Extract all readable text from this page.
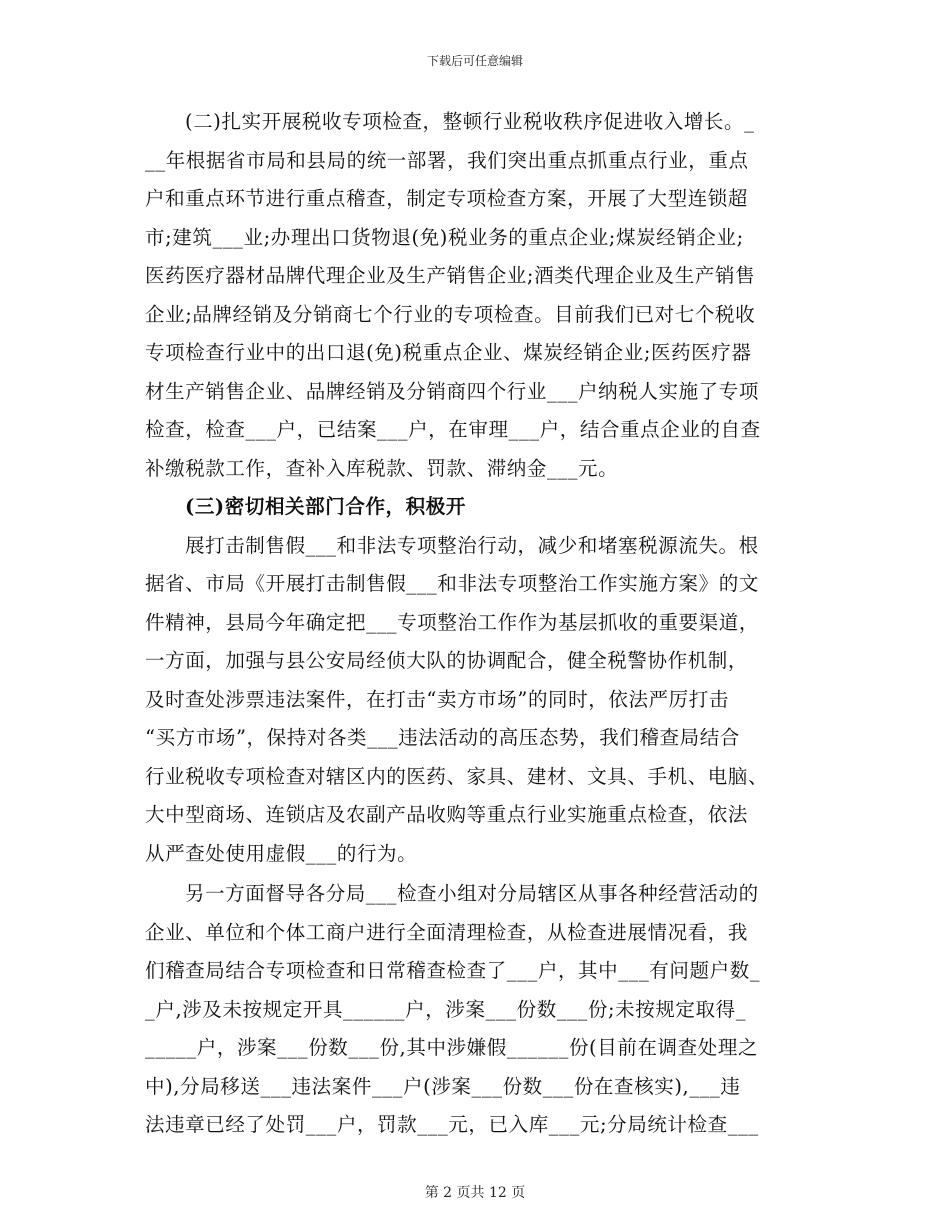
下载后可任意编辑
(二)扎实开展税收专项检查，整顿行业税收秩序促进收入增长。_
__年根据省市局和县局的统一部署，我们突出重点抓重点行业，重点
户和重点环节进行重点稽查，制定专项检查方案，开展了大型连锁超
市;建筑___业;办理出口货物退(免)税业务的重点企业;煤炭经销企业;
医药医疗器材品牌代理企业及生产销售企业;酒类代理企业及生产销售
企业;品牌经销及分销商七个行业的专项检查。目前我们已对七个税收
专项检查行业中的出口退(免)税重点企业、煤炭经销企业;医药医疗器
材生产销售企业、品牌经销及分销商四个行业___户纳税人实施了专项
检查，检查___户，已结案___户，在审理___户，结合重点企业的自查
补缴税款工作，查补入库税款、罚款、滞纳金___元。
(三)密切相关部门合作，积极开
展打击制售假___和非法专项整治行动，减少和堵塞税源流失。根
据省、市局《开展打击制售假___和非法专项整治工作实施方案》的文
件精神，县局今年确定把___专项整治工作作为基层抓收的重要渠道，
一方面，加强与县公安局经侦大队的协调配合，健全税警协作机制，
及时查处涉票违法案件，在打击“卖方市场”的同时，依法严厉打击
“买方市场”，保持对各类___违法活动的高压态势，我们稽查局结合
行业税收专项检查对辖区内的医药、家具、建材、文具、手机、电脑、
大中型商场、连锁店及农副产品收购等重点行业实施重点检查，依法
从严查处使用虚假___的行为。
另一方面督导各分局___检查小组对分局辖区从事各种经营活动的
企业、单位和个体工商户进行全面清理检查，从检查进展情况看，我
们稽查局结合专项检查和日常稽查检查了___户，其中___有问题户数_
_户,涉及未按规定开具______户，涉案___份数___份;未按规定取得_
_____户，涉案___份数___份,其中涉嫌假______份(目前在调查处理之
中),分局移送___违法案件___户(涉案___份数___份在查核实),___违
法违章已经了处罚___户，罚款___元，已入库___元;分局统计检查___
第 2 页共 12 页
